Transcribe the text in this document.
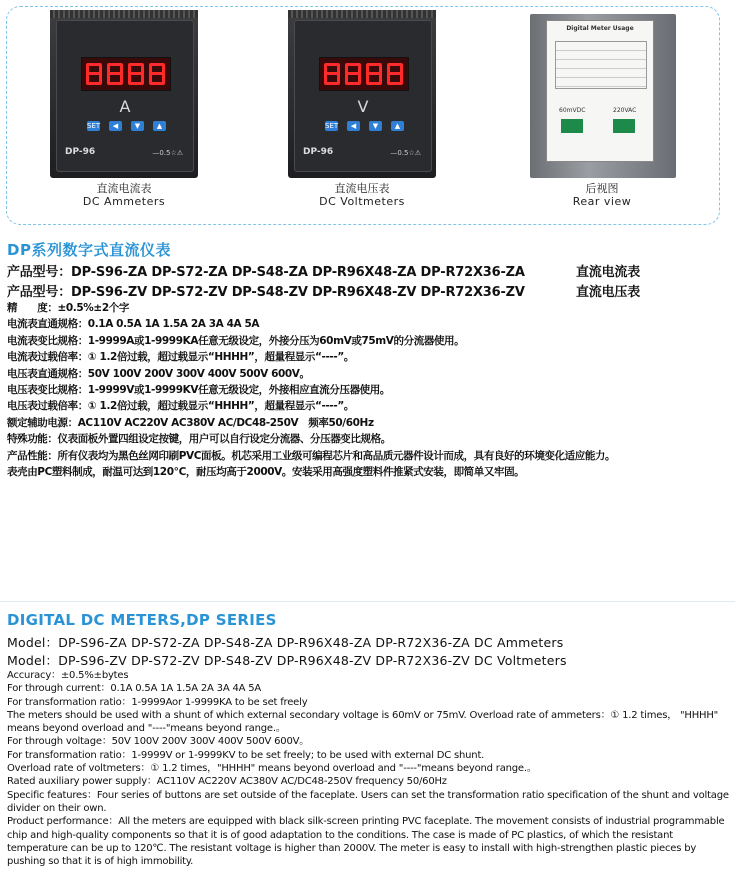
A
SET	◀	▼	▲
DP-96	—0.5☆⚠
直流电流表
DC Ammeters
V
SET	◀	▼	▲
DP-96	—0.5☆⚠
直流电压表
DC Voltmeters
Digital Meter Usage
60mVDC	220VAC
后视图
Rear view
DP系列数字式直流仪表
产品型号：DP-S96-ZA DP-S72-ZA DP-S48-ZA DP-R96X48-ZA DP-R72X36-ZA	直流电流表
产品型号：DP-S96-ZV DP-S72-ZV DP-S48-ZV DP-R96X48-ZV DP-R72X36-ZV	直流电压表
精　　度：±0.5%±2个字
电流表直通规格：0.1A 0.5A 1A 1.5A 2A 3A 4A 5A
电流表变比规格：1-9999A或1-9999KA任意无级设定，外接分压为60mV或75mV的分流器使用。
电流表过载倍率：① 1.2倍过载，超过载显示“HHHH”，超量程显示“----”。
电压表直通规格：50V 100V 200V 300V 400V 500V 600V。
电压表变比规格：1-9999V或1-9999KV任意无级设定，外接相应直流分压器使用。
电压表过载倍率：① 1.2倍过载，超过载显示“HHHH”，超量程显示“----”。
额定辅助电源：AC110V AC220V AC380V AC/DC48-250V　频率50/60Hz
特殊功能：仪表面板外置四组设定按键，用户可以自行设定分流器、分压器变比规格。
产品性能：所有仪表均为黑色丝网印刷PVC面板。机芯采用工业级可编程芯片和高品质元器件设计而成，具有良好的环境变化适应能力。
表壳由PC塑料制成，耐温可达到120℃，耐压均高于2000V。安装采用高强度塑料件推紧式安装，即简单又牢固。
DIGITAL DC METERS,DP SERIES
Model：DP-S96-ZA DP-S72-ZA DP-S48-ZA DP-R96X48-ZA DP-R72X36-ZA DC Ammeters
Model：DP-S96-ZV DP-S72-ZV DP-S48-ZV DP-R96X48-ZV DP-R72X36-ZV DC Voltmeters
Accuracy：±0.5%±bytes
For through current：0.1A 0.5A 1A 1.5A 2A 3A 4A 5A
For transformation ratio：1-9999Aor 1-9999KA to be set freely
The meters should be used with a shunt of which external secondary voltage is 60mV or 75mV. Overload rate of ammeters：① 1.2 times， "HHHH" means beyond overload and "----"means beyond range.。
For through voltage：50V 100V 200V 300V 400V 500V 600V。
For transformation ratio：1-9999V or 1-9999KV to be set freely; to be used with external DC shunt.
Overload rate of voltmeters：① 1.2 times，"HHHH" means beyond overload and "----"means beyond range.。
Rated auxiliary power supply：AC110V AC220V AC380V AC/DC48-250V frequency 50/60Hz
Specific features：Four series of buttons are set outside of the faceplate. Users can set the transformation ratio specification of the shunt and voltage divider on their own.
Product performance：All the meters are equipped with black silk-screen printing PVC faceplate. The movement consists of industrial programmable chip and high-quality components so that it is of good adaptation to the conditions. The case is made of PC plastics, of which the resistant temperature can be up to 120℃. The resistant voltage is higher than 2000V. The meter is easy to install with high-strengthen plastic pieces by pushing so that it is of high immobility.
